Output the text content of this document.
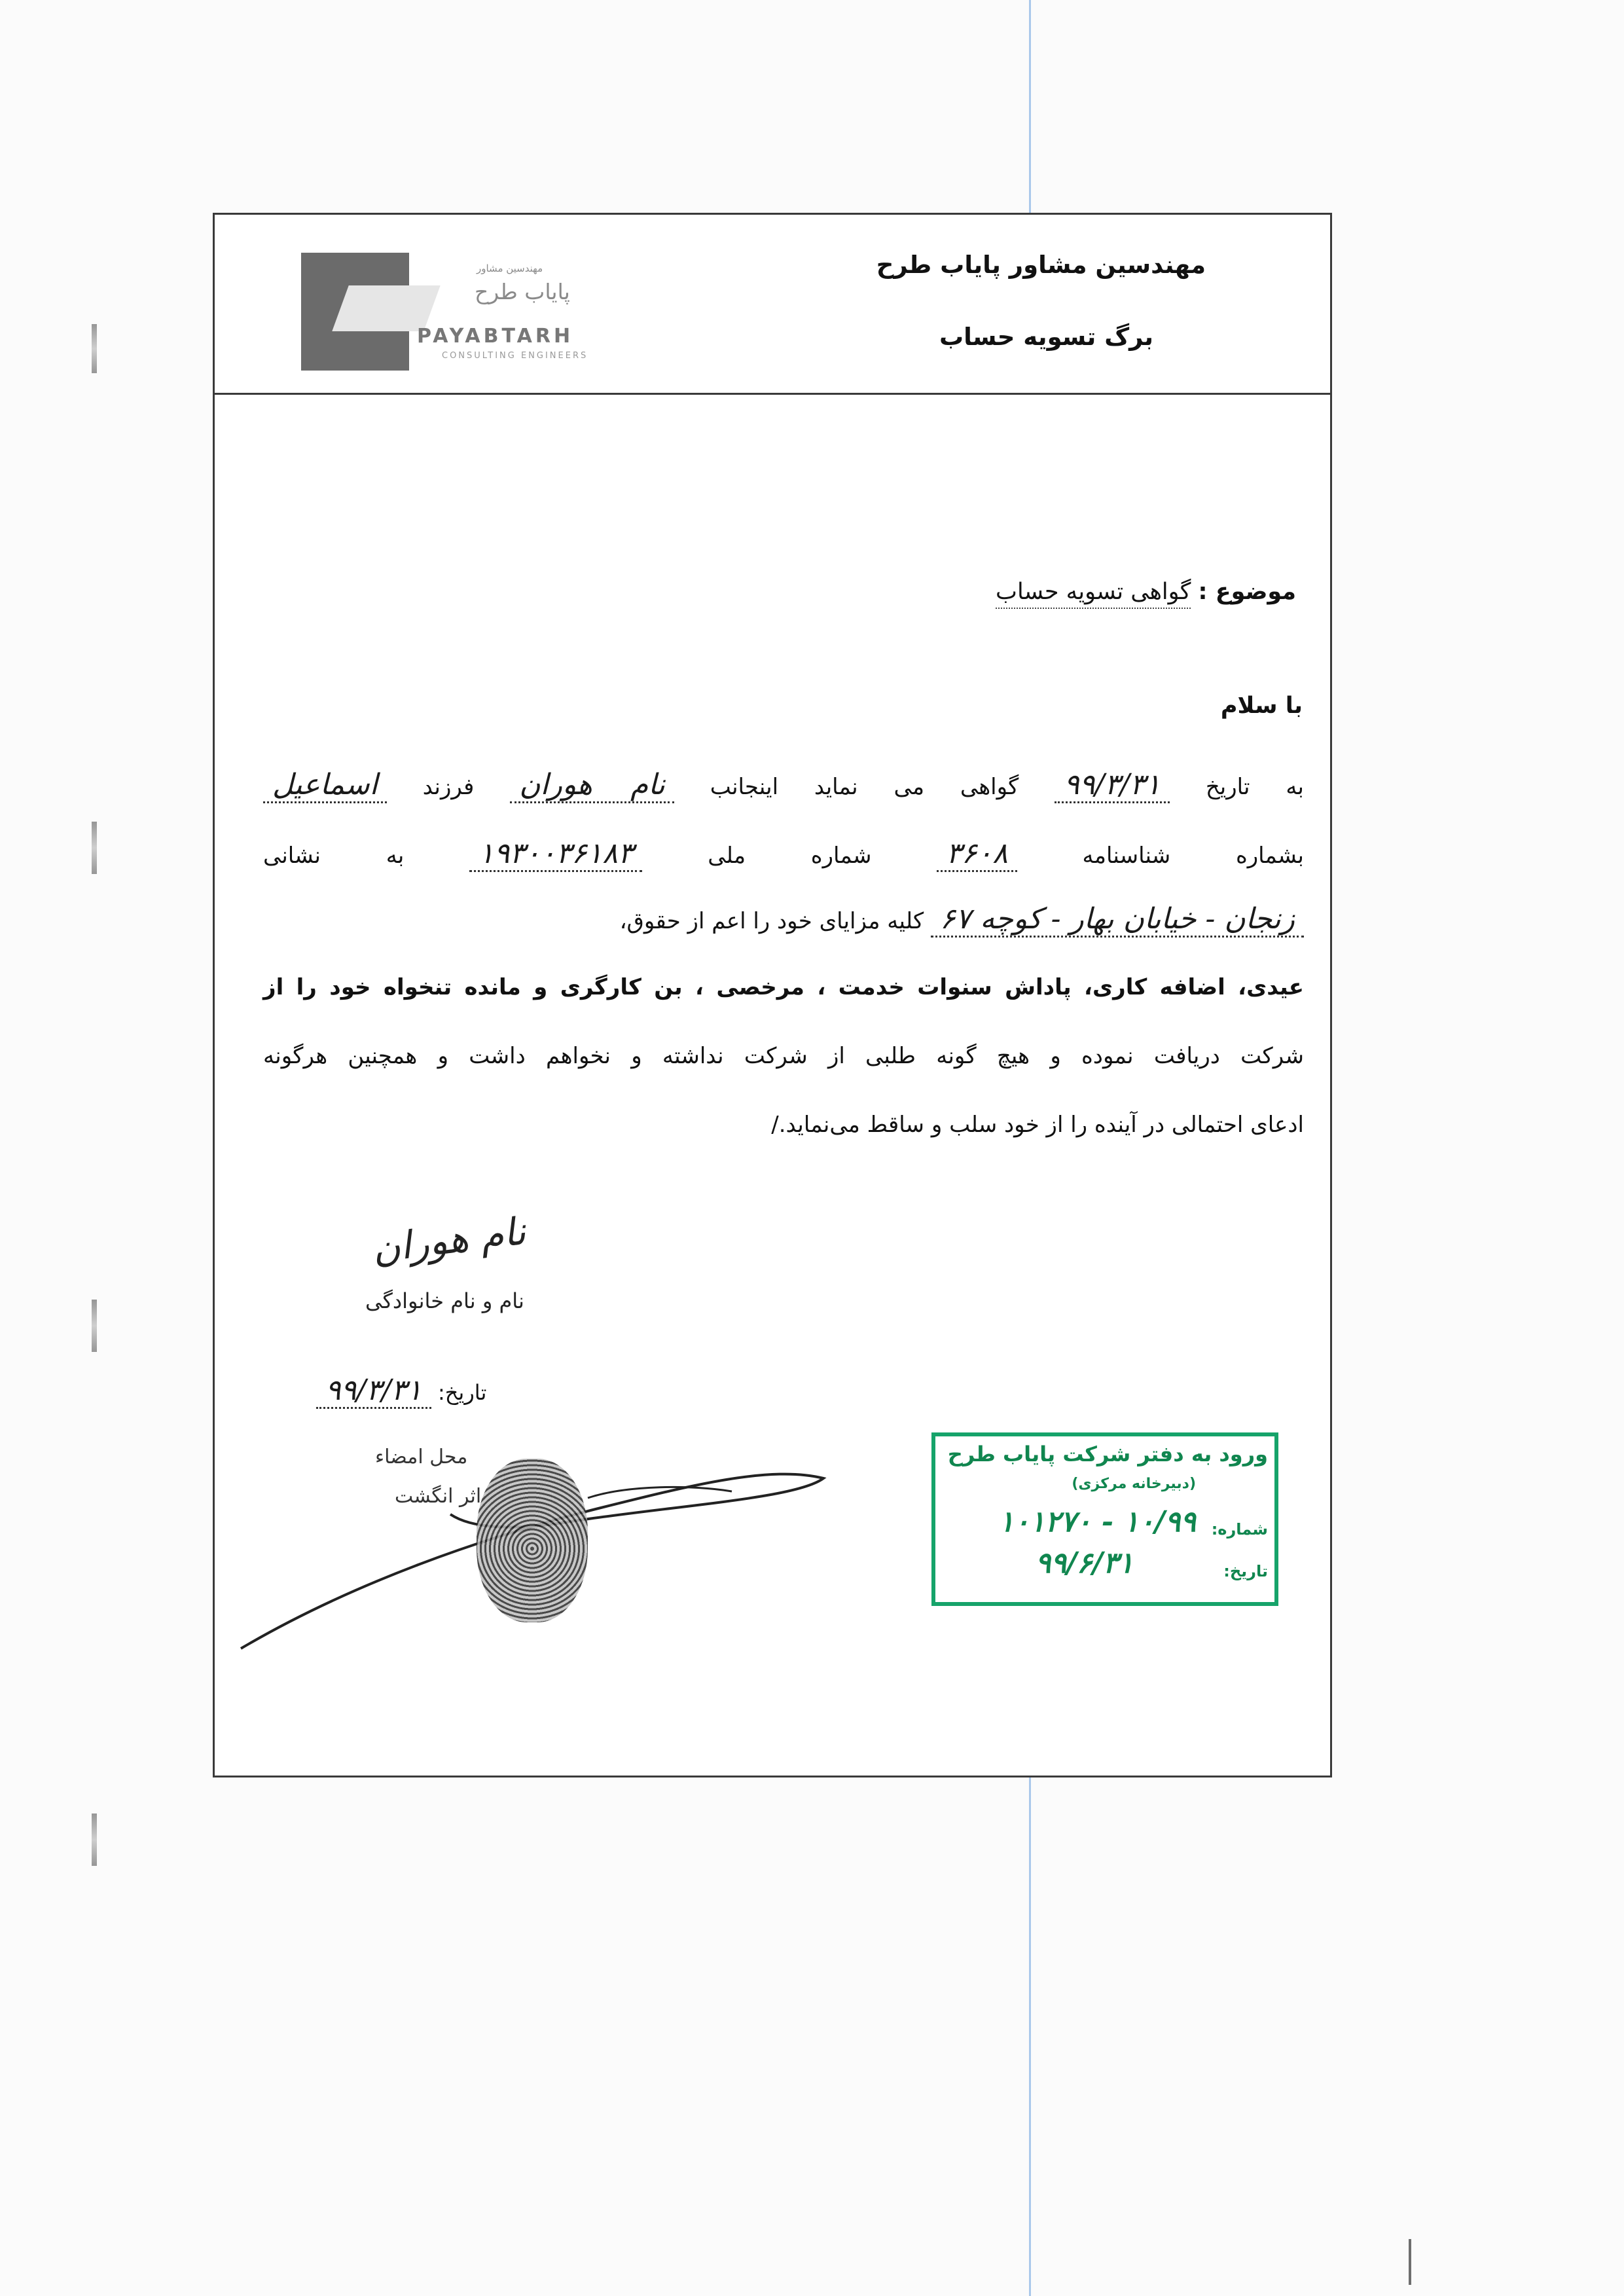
مهندسین مشاور
پایاب طرح
PAYABTARH
CONSULTING ENGINEERS
مهندسین مشاور پایاب طرح
برگ تسویه حساب
موضوع : گواهی تسویه حساب
با سلام
به تاریخ ۹۹/۳/۳۱ گواهی می نماید اینجانب نام هوران فرزند اسماعیل
بشماره شناسنامه ۳۶۰۸ شماره ملی ۱۹۳۰۰۳۶۱۸۳ به نشانی
زنجان - خیابان بهار - کوچه ۶۷ کلیه مزایای خود را اعم از حقوق،
عیدی، اضافه کاری، پاداش سنوات خدمت ، مرخصی ، بن کارگری و مانده تنخواه خود را از
شرکت دریافت نموده و هیچ گونه طلبی از شرکت نداشته و نخواهم داشت و همچنین هرگونه
ادعای احتمالی در آینده را از خود سلب و ساقط می‌نماید./
نام هوران
نام و نام خانوادگی
تاریخ: ۹۹/۳/۳۱
محل امضاء
اثر انگشت
ورود به دفتر شرکت پایاب طرح
(دبیرخانه مرکزی)
شماره:
۱۰/۹۹ - ۱۰۱۲۷۰
تاریخ:
۹۹/۶/۳۱
